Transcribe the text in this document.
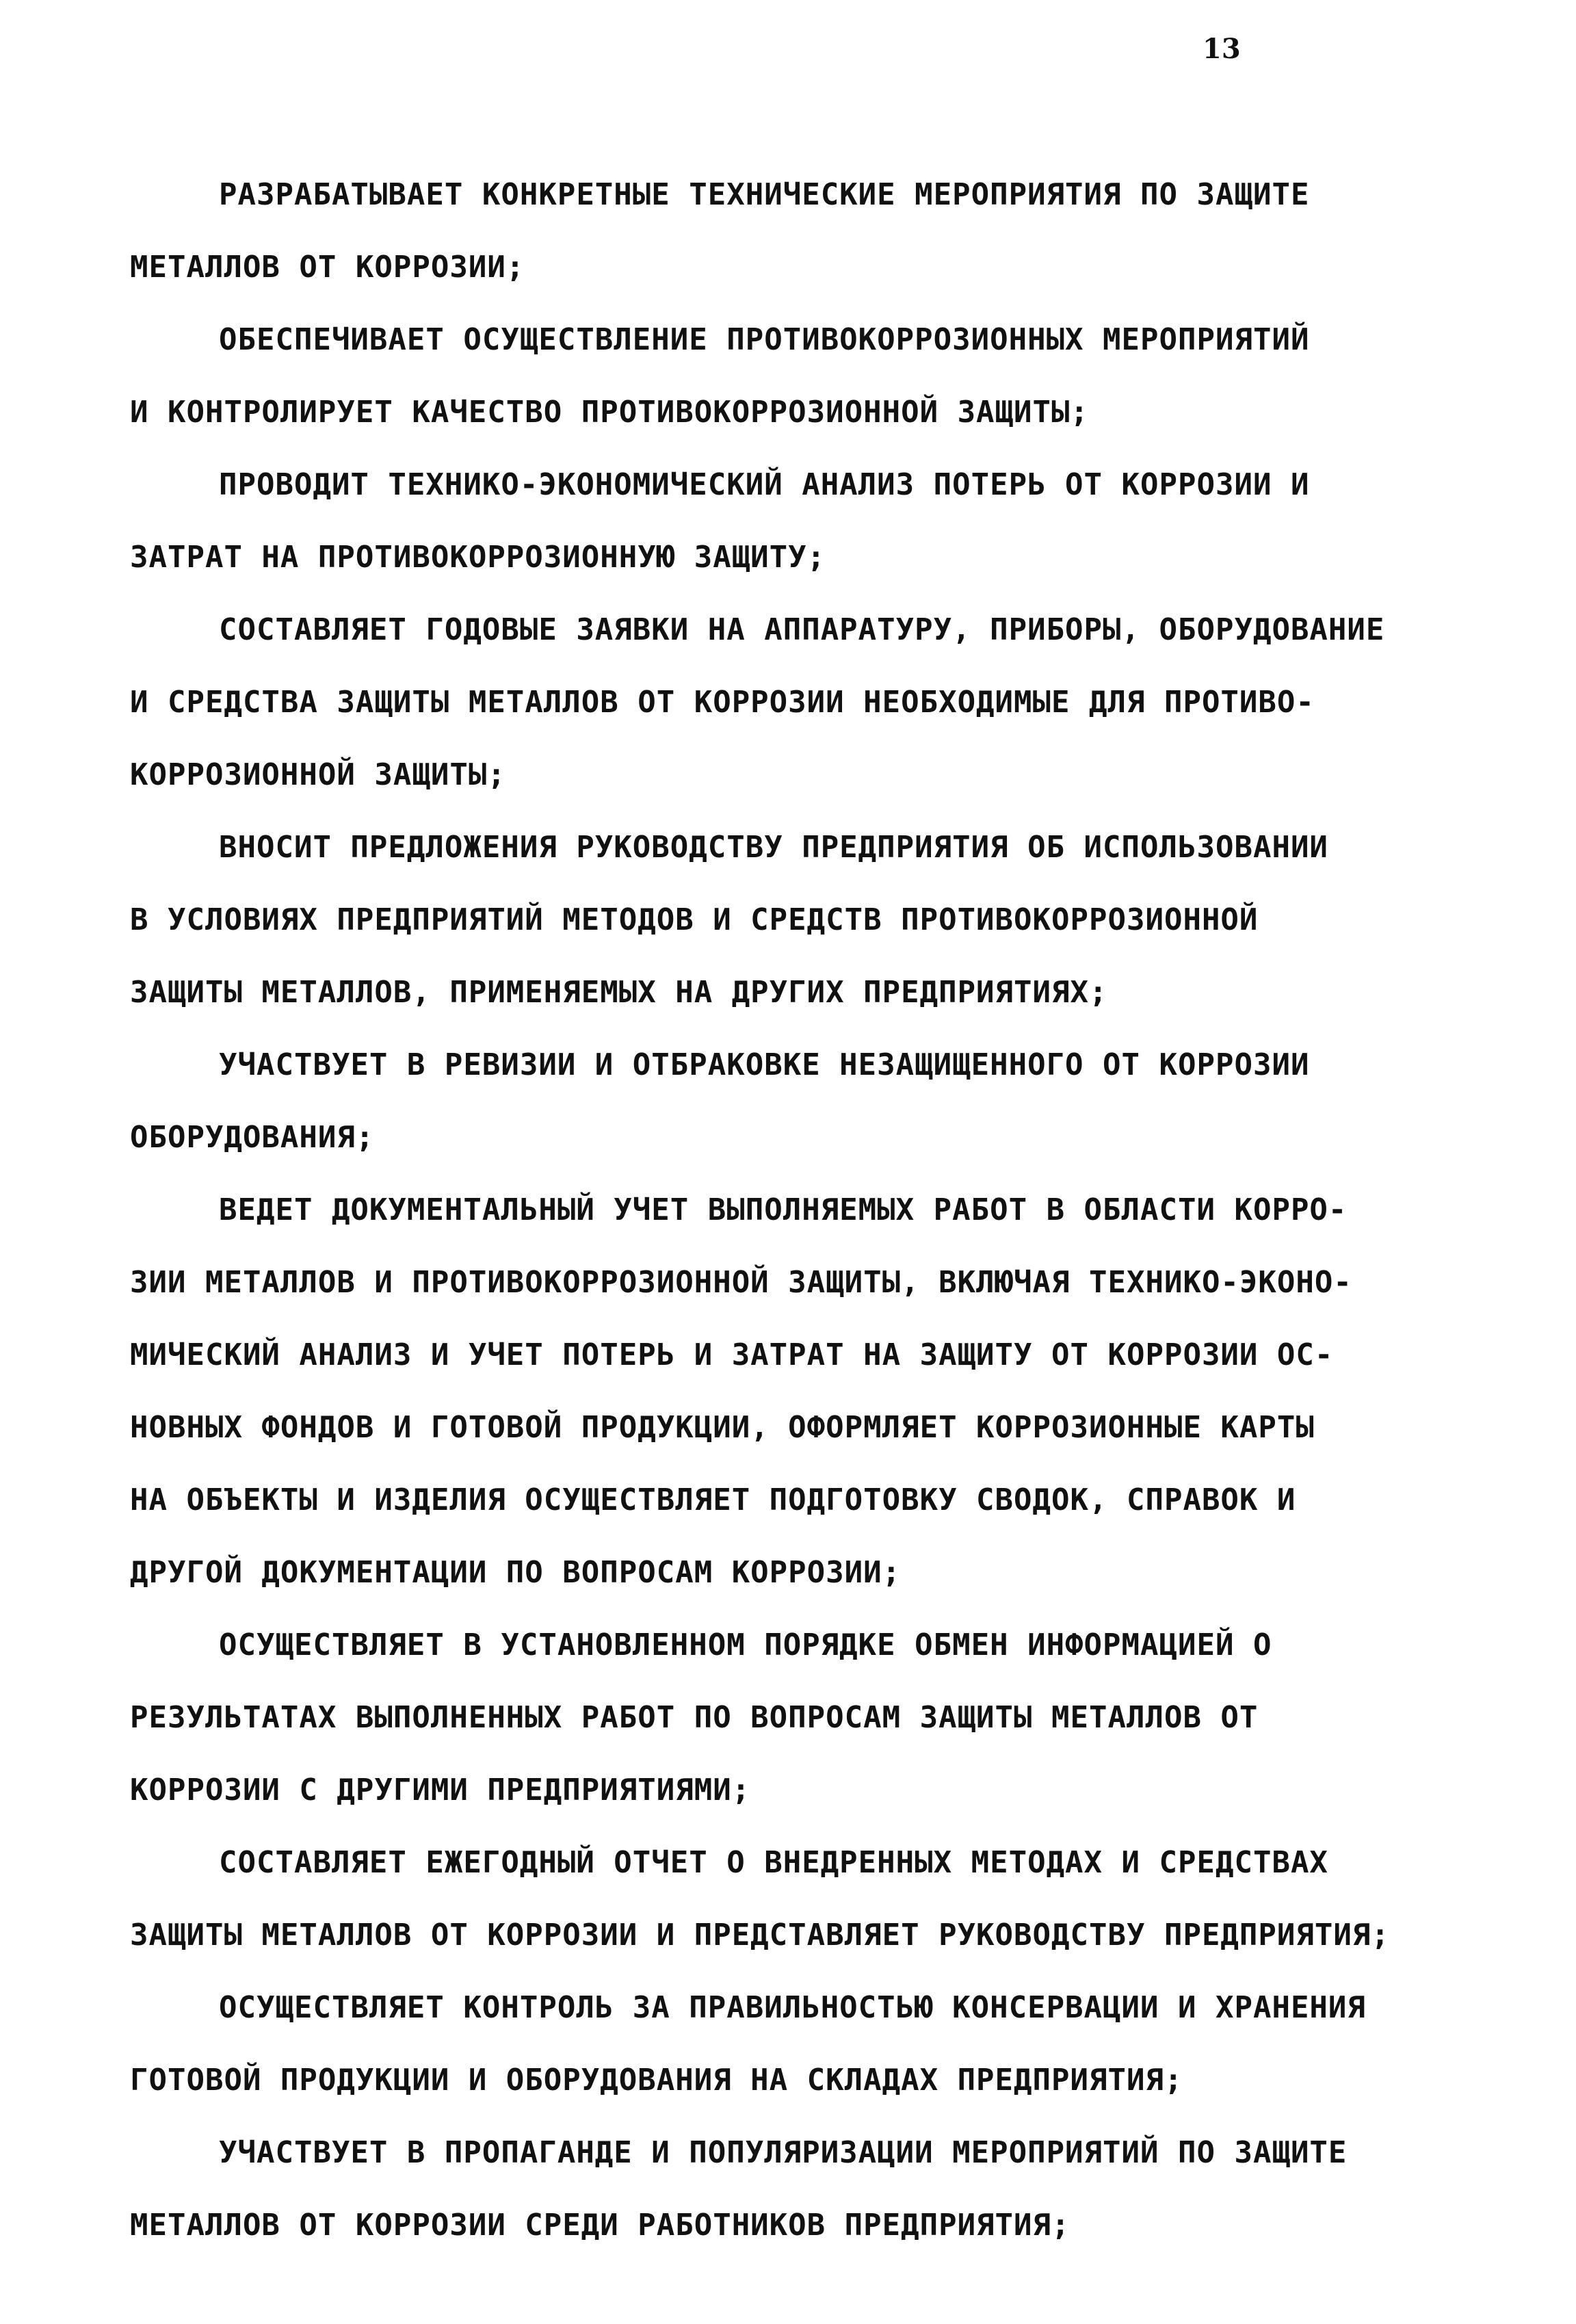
13
РАЗРАБАТЫВАЕТ КОНКРЕТНЫЕ ТЕХНИЧЕСКИЕ МЕРОПРИЯТИЯ ПО ЗАЩИТЕ
МЕТАЛЛОВ ОТ КОРРОЗИИ;
ОБЕСПЕЧИВАЕТ ОСУЩЕСТВЛЕНИЕ ПРОТИВОКОРРОЗИОННЫХ МЕРОПРИЯТИЙ
И КОНТРОЛИРУЕТ КАЧЕСТВО ПРОТИВОКОРРОЗИОННОЙ ЗАЩИТЫ;
ПРОВОДИТ ТЕХНИКО-ЭКОНОМИЧЕСКИЙ АНАЛИЗ ПОТЕРЬ ОТ КОРРОЗИИ И
ЗАТРАТ НА ПРОТИВОКОРРОЗИОННУЮ ЗАЩИТУ;
СОСТАВЛЯЕТ ГОДОВЫЕ ЗАЯВКИ НА АППАРАТУРУ, ПРИБОРЫ, ОБОРУДОВАНИЕ
И СРЕДСТВА ЗАЩИТЫ МЕТАЛЛОВ ОТ КОРРОЗИИ НЕОБХОДИМЫЕ ДЛЯ ПРОТИВО-
КОРРОЗИОННОЙ ЗАЩИТЫ;
ВНОСИТ ПРЕДЛОЖЕНИЯ РУКОВОДСТВУ ПРЕДПРИЯТИЯ ОБ ИСПОЛЬЗОВАНИИ
В УСЛОВИЯХ ПРЕДПРИЯТИЙ МЕТОДОВ И СРЕДСТВ ПРОТИВОКОРРОЗИОННОЙ
ЗАЩИТЫ МЕТАЛЛОВ, ПРИМЕНЯЕМЫХ НА ДРУГИХ ПРЕДПРИЯТИЯХ;
УЧАСТВУЕТ В РЕВИЗИИ И ОТБРАКОВКЕ НЕЗАЩИЩЕННОГО ОТ КОРРОЗИИ
ОБОРУДОВАНИЯ;
ВЕДЕТ ДОКУМЕНТАЛЬНЫЙ УЧЕТ ВЫПОЛНЯЕМЫХ РАБОТ В ОБЛАСТИ КОРРО-
ЗИИ МЕТАЛЛОВ И ПРОТИВОКОРРОЗИОННОЙ ЗАЩИТЫ, ВКЛЮЧАЯ ТЕХНИКО-ЭКОНО-
МИЧЕСКИЙ АНАЛИЗ И УЧЕТ ПОТЕРЬ И ЗАТРАТ НА ЗАЩИТУ ОТ КОРРОЗИИ ОС-
НОВНЫХ ФОНДОВ И ГОТОВОЙ ПРОДУКЦИИ, ОФОРМЛЯЕТ КОРРОЗИОННЫЕ КАРТЫ
НА ОБЪЕКТЫ И ИЗДЕЛИЯ ОСУЩЕСТВЛЯЕТ ПОДГОТОВКУ СВОДОК, СПРАВОК И
ДРУГОЙ ДОКУМЕНТАЦИИ ПО ВОПРОСАМ КОРРОЗИИ;
ОСУЩЕСТВЛЯЕТ В УСТАНОВЛЕННОМ ПОРЯДКЕ ОБМЕН ИНФОРМАЦИЕЙ О
РЕЗУЛЬТАТАХ ВЫПОЛНЕННЫХ РАБОТ ПО ВОПРОСАМ ЗАЩИТЫ МЕТАЛЛОВ ОТ
КОРРОЗИИ С ДРУГИМИ ПРЕДПРИЯТИЯМИ;
СОСТАВЛЯЕТ ЕЖЕГОДНЫЙ ОТЧЕТ О ВНЕДРЕННЫХ МЕТОДАХ И СРЕДСТВАХ
ЗАЩИТЫ МЕТАЛЛОВ ОТ КОРРОЗИИ И ПРЕДСТАВЛЯЕТ РУКОВОДСТВУ ПРЕДПРИЯТИЯ;
ОСУЩЕСТВЛЯЕТ КОНТРОЛЬ ЗА ПРАВИЛЬНОСТЬЮ КОНСЕРВАЦИИ И ХРАНЕНИЯ
ГОТОВОЙ ПРОДУКЦИИ И ОБОРУДОВАНИЯ НА СКЛАДАХ ПРЕДПРИЯТИЯ;
УЧАСТВУЕТ В ПРОПАГАНДЕ И ПОПУЛЯРИЗАЦИИ МЕРОПРИЯТИЙ ПО ЗАЩИТЕ
МЕТАЛЛОВ ОТ КОРРОЗИИ СРЕДИ РАБОТНИКОВ ПРЕДПРИЯТИЯ;
